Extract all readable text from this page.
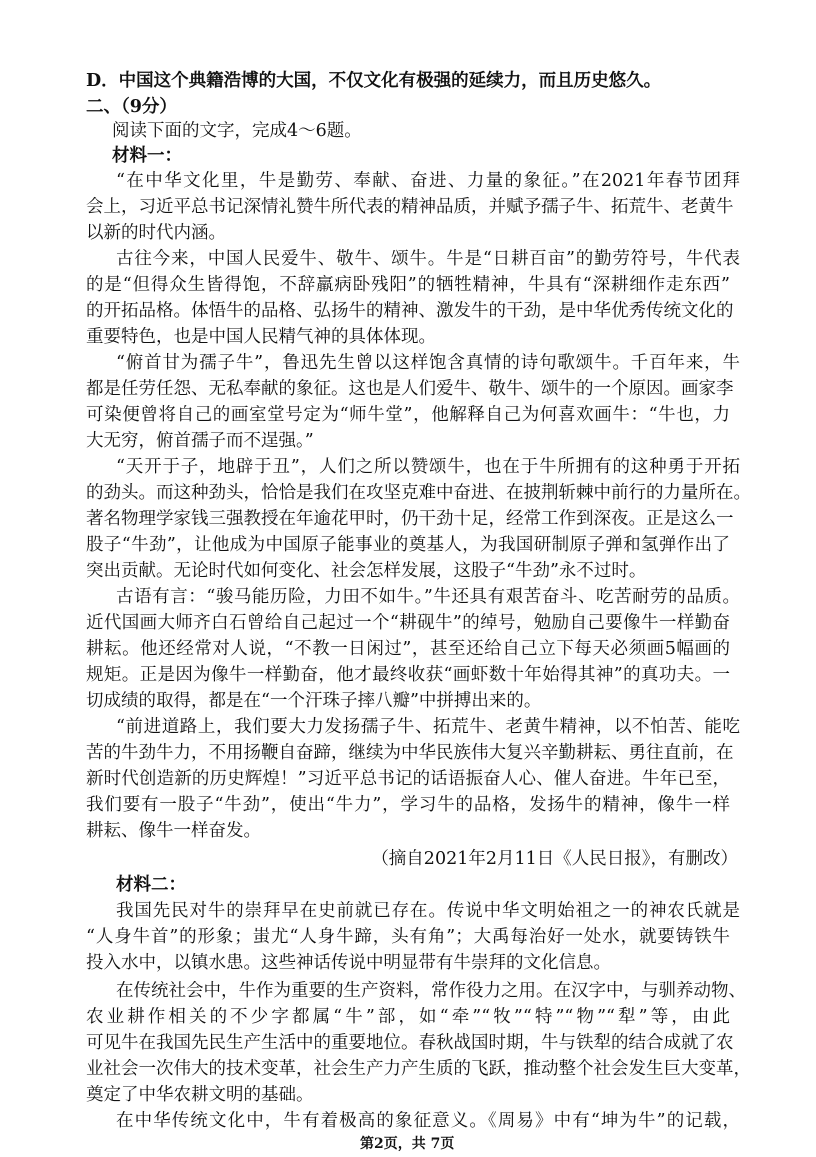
D．中国这个典籍浩博的大国，不仅文化有极强的延续力，而且历史悠久。
二、（9分）
阅读下面的文字，完成4～6题。
材料一：
“在中华文化里，牛是勤劳、奉献、奋进、力量的象征。”在2021年春节团拜
会上，习近平总书记深情礼赞牛所代表的精神品质，并赋予孺子牛、拓荒牛、老黄牛
以新的时代内涵。
古往今来，中国人民爱牛、敬牛、颂牛。牛是“日耕百亩”的勤劳符号，牛代表
的是“但得众生皆得饱，不辞羸病卧残阳”的牺牲精神，牛具有“深耕细作走东西”
的开拓品格。体悟牛的品格、弘扬牛的精神、激发牛的干劲，是中华优秀传统文化的
重要特色，也是中国人民精气神的具体体现。
“俯首甘为孺子牛”，鲁迅先生曾以这样饱含真情的诗句歌颂牛。千百年来，牛
都是任劳任怨、无私奉献的象征。这也是人们爱牛、敬牛、颂牛的一个原因。画家李
可染便曾将自己的画室堂号定为“师牛堂”，他解释自己为何喜欢画牛：“牛也，力
大无穷，俯首孺子而不逞强。”
“天开于子，地辟于丑”，人们之所以赞颂牛，也在于牛所拥有的这种勇于开拓
的劲头。而这种劲头，恰恰是我们在攻坚克难中奋进、在披荆斩棘中前行的力量所在。
著名物理学家钱三强教授在年逾花甲时，仍干劲十足，经常工作到深夜。正是这么一
股子“牛劲”，让他成为中国原子能事业的奠基人，为我国研制原子弹和氢弹作出了
突出贡献。无论时代如何变化、社会怎样发展，这股子“牛劲”永不过时。
古语有言：“骏马能历险，力田不如牛。”牛还具有艰苦奋斗、吃苦耐劳的品质。
近代国画大师齐白石曾给自己起过一个“耕砚牛”的绰号，勉励自己要像牛一样勤奋
耕耘。他还经常对人说，“不教一日闲过”，甚至还给自己立下每天必须画5幅画的
规矩。正是因为像牛一样勤奋，他才最终收获“画虾数十年始得其神”的真功夫。一
切成绩的取得，都是在“一个汗珠子摔八瓣”中拼搏出来的。
“前进道路上，我们要大力发扬孺子牛、拓荒牛、老黄牛精神，以不怕苦、能吃
苦的牛劲牛力，不用扬鞭自奋蹄，继续为中华民族伟大复兴辛勤耕耘、勇往直前，在
新时代创造新的历史辉煌！”习近平总书记的话语振奋人心、催人奋进。牛年已至，
我们要有一股子“牛劲”，使出“牛力”，学习牛的品格，发扬牛的精神，像牛一样
耕耘、像牛一样奋发。
（摘自2021年2月11日《人民日报》，有删改）
材料二：
我国先民对牛的崇拜早在史前就已存在。传说中华文明始祖之一的神农氏就是
“人身牛首”的形象；蚩尤“人身牛蹄，头有角”；大禹每治好一处水，就要铸铁牛
投入水中，以镇水患。这些神话传说中明显带有牛崇拜的文化信息。
在传统社会中，牛作为重要的生产资料，常作役力之用。在汉字中，与驯养动物、
农业耕作相关的不少字都属“牛”部，如“牵”“牧”“特”“物”“犁”等，由此
可见牛在我国先民生产生活中的重要地位。春秋战国时期，牛与铁犁的结合成就了农
业社会一次伟大的技术变革，社会生产力产生质的飞跃，推动整个社会发生巨大变革，
奠定了中华农耕文明的基础。
在中华传统文化中，牛有着极高的象征意义。《周易》中有“坤为牛”的记载，
第2页，共 7页
